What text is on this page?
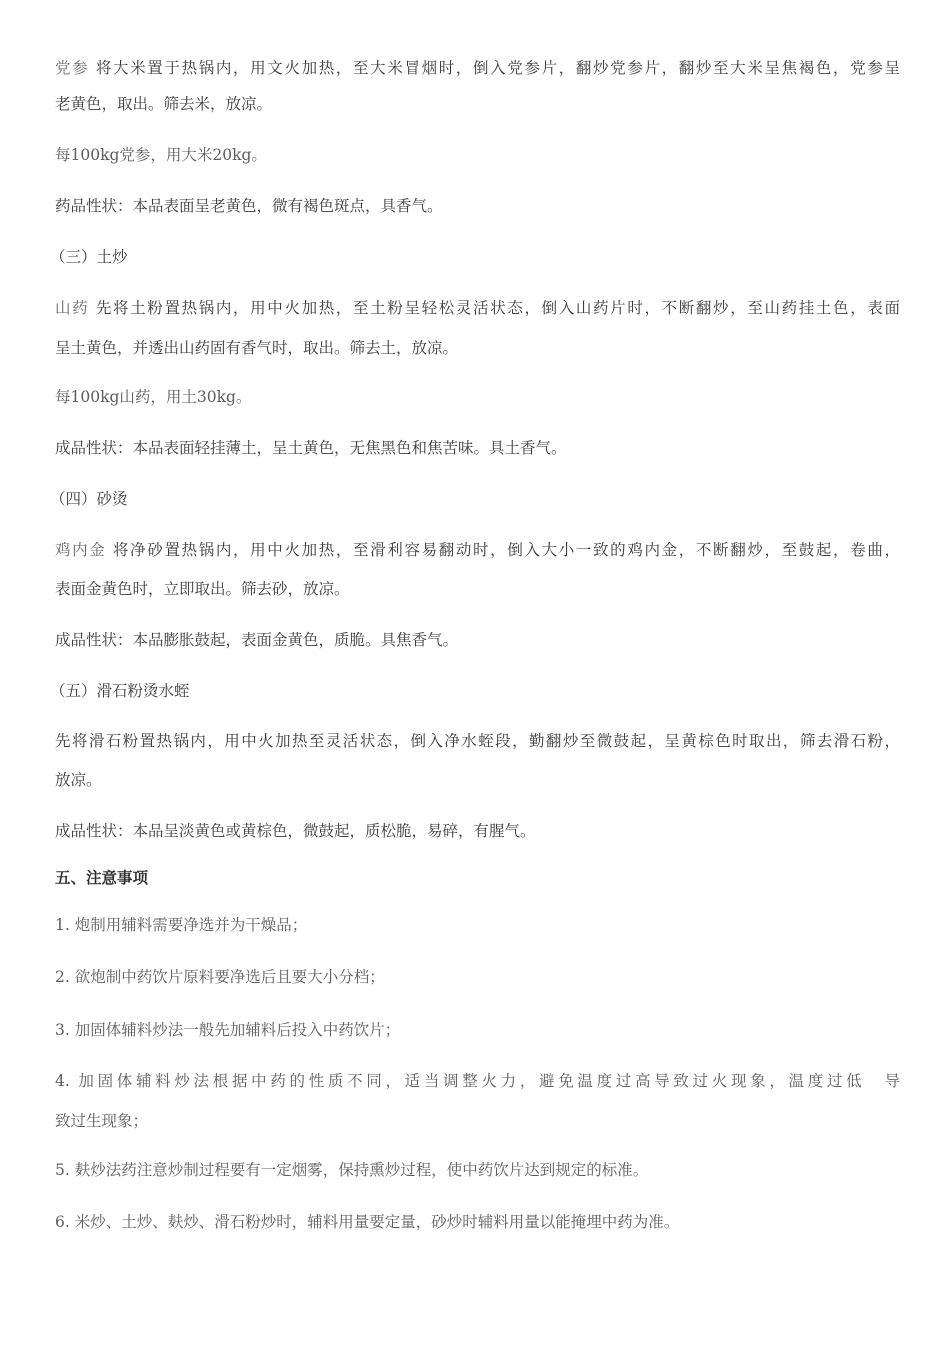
党参 将大米置于热锅内，用文火加热，至大米冒烟时，倒入党参片，翻炒党参片，翻炒至大米呈焦褐色，党参呈
老黄色，取出。筛去米，放凉。
每100kg党参，用大米20kg。
药品性状：本品表面呈老黄色，微有褐色斑点，具香气。
（三）土炒
山药 先将土粉置热锅内，用中火加热，至土粉呈轻松灵活状态，倒入山药片时，不断翻炒，至山药挂土色，表面
呈土黄色，并透出山药固有香气时，取出。筛去土，放凉。
每100kg山药，用土30kg。
成品性状：本品表面轻挂薄土，呈土黄色，无焦黑色和焦苦味。具土香气。
（四）砂烫
鸡内金 将净砂置热锅内，用中火加热，至滑利容易翻动时，倒入大小一致的鸡内金，不断翻炒，至鼓起，卷曲，
表面金黄色时，立即取出。筛去砂，放凉。
成品性状：本品膨胀鼓起，表面金黄色，质脆。具焦香气。
（五）滑石粉烫水蛭
先将滑石粉置热锅内，用中火加热至灵活状态，倒入净水蛭段，勤翻炒至微鼓起，呈黄棕色时取出，筛去滑石粉，
放凉。
成品性状：本品呈淡黄色或黄棕色，微鼓起，质松脆，易碎，有腥气。
五、注意事项
1. 炮制用辅料需要净选并为干燥品；
2. 欲炮制中药饮片原料要净选后且要大小分档；
3. 加固体辅料炒法一般先加辅料后投入中药饮片；
4. 加固体辅料炒法根据中药的性质不同，适当调整火力，避免温度过高导致过火现象，温度过低　导
致过生现象；
5. 麸炒法药注意炒制过程要有一定烟雾，保持熏炒过程，使中药饮片达到规定的标准。
6. 米炒、土炒、麸炒、滑石粉炒时，辅料用量要定量，砂炒时辅料用量以能掩埋中药为准。
